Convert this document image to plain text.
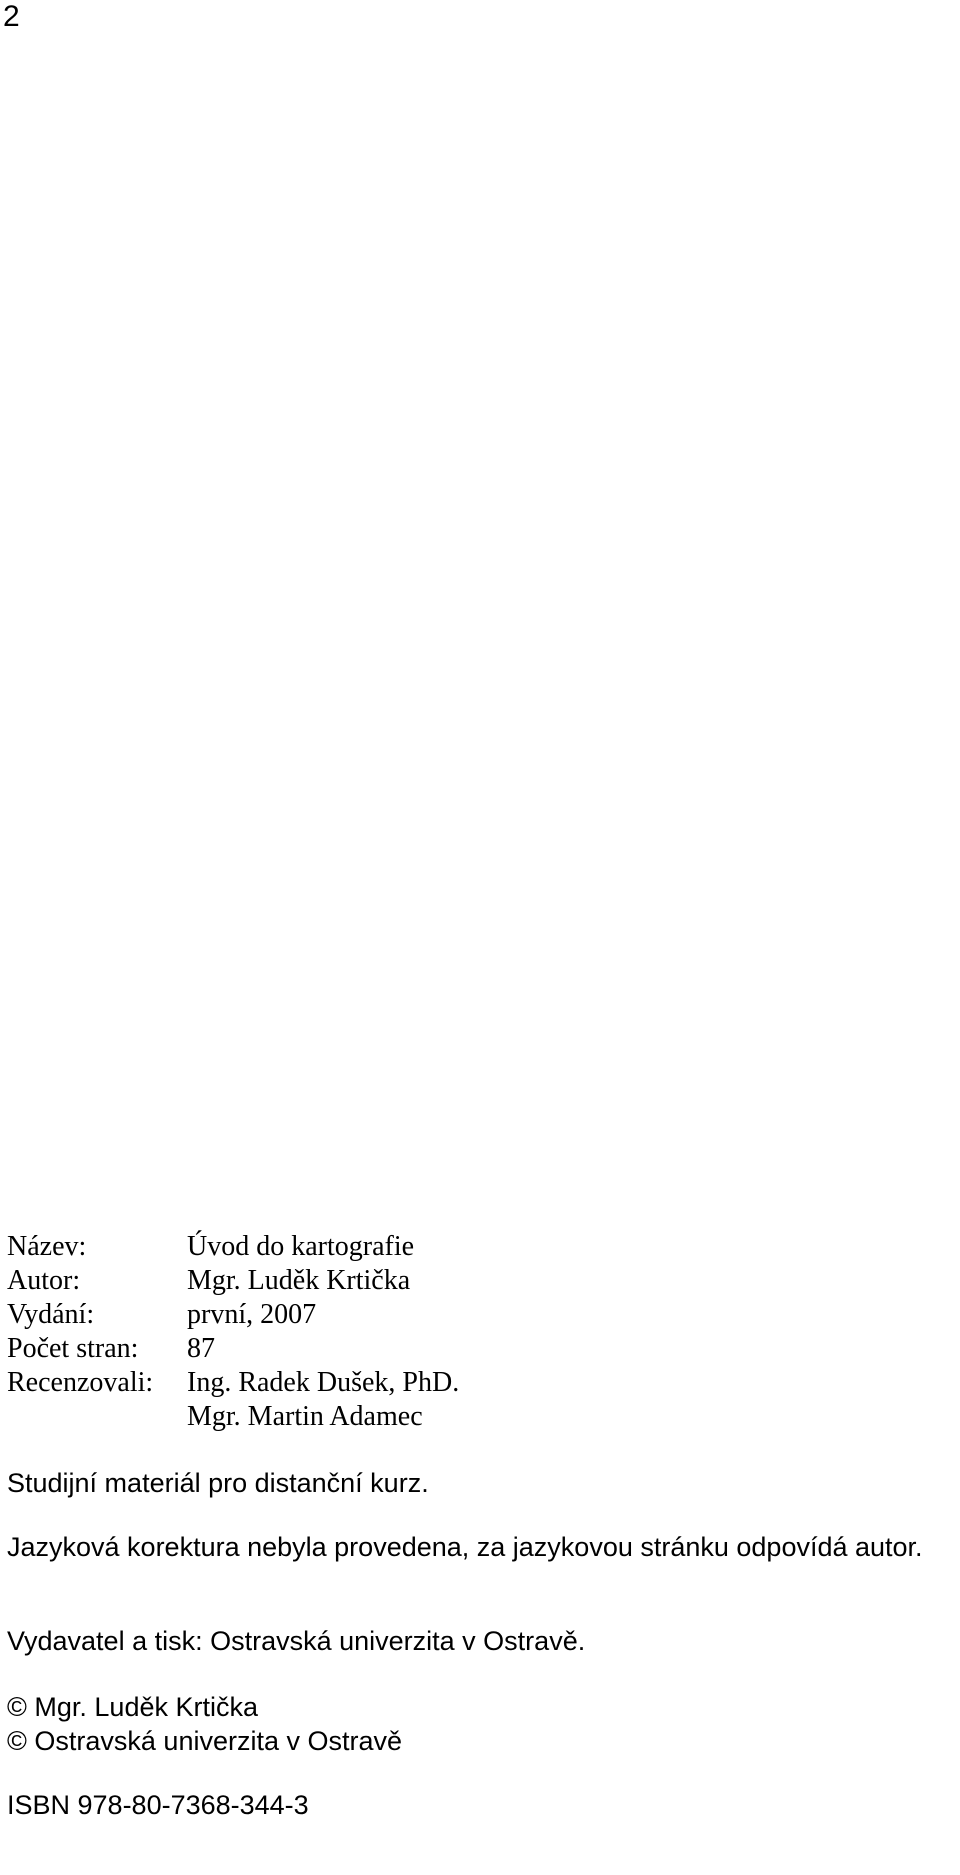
2
Název:	Úvod do kartografie
Autor:	Mgr. Luděk Krtička
Vydání:	první, 2007
Počet stran:	87
Recenzovali:	Ing. Radek Dušek, PhD.
Mgr. Martin Adamec

Studijní materiál pro distanční kurz.

Jazyková korektura nebyla provedena, za jazykovou stránku odpovídá autor.

Vydavatel a tisk: Ostravská univerzita v Ostravě.

© Mgr. Luděk Krtička

© Ostravská univerzita v Ostravě

ISBN 978-80-7368-344-3
